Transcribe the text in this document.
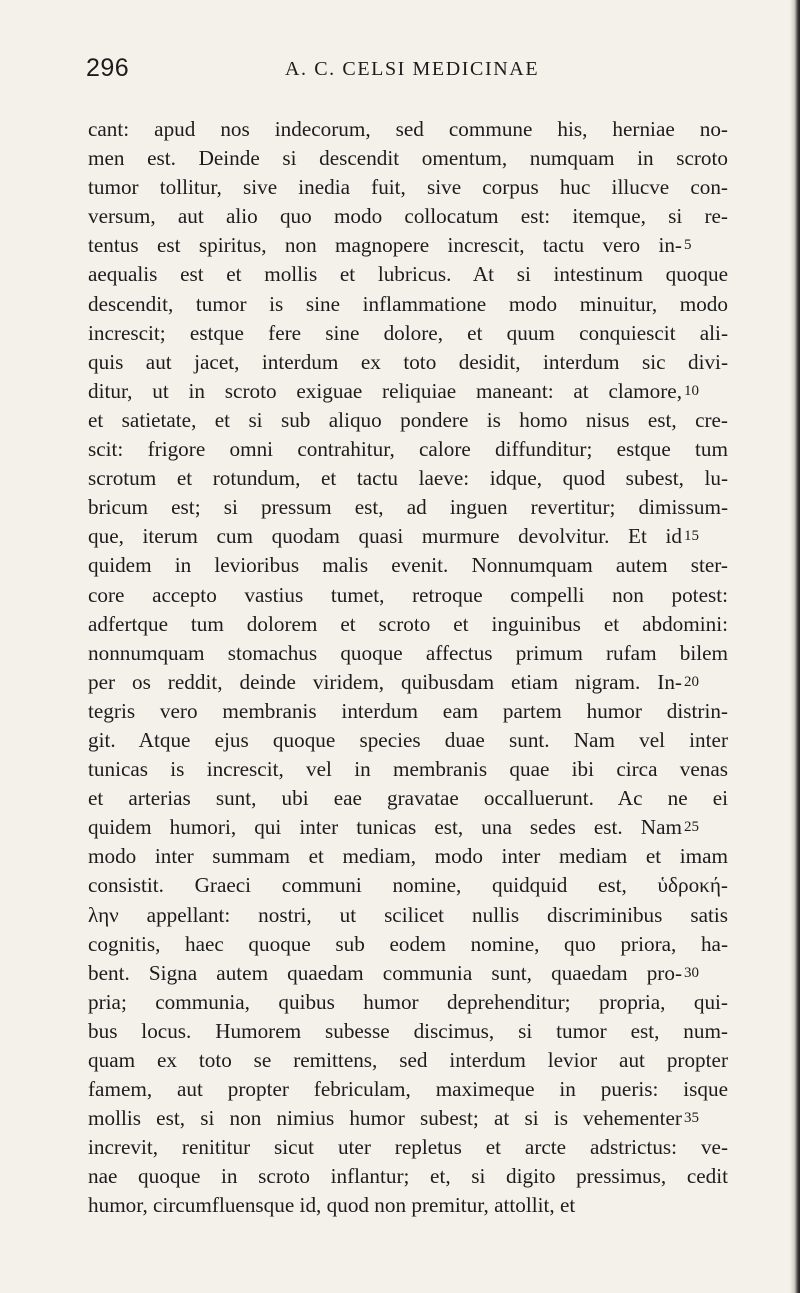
296	A. C. CELSI MEDICINAE
cant: apud nos indecorum, sed commune his, herniae no-
men est. Deinde si descendit omentum, numquam in scroto
tumor tollitur, sive inedia fuit, sive corpus huc illucve con-
versum, aut alio quo modo collocatum est: itemque, si re-
tentus est spiritus, non magnopere increscit, tactu vero in- 5
aequalis est et mollis et lubricus. At si intestinum quoque
descendit, tumor is sine inflammatione modo minuitur, modo
increscit; estque fere sine dolore, et quum conquiescit ali-
quis aut jacet, interdum ex toto desidit, interdum sic divi-
ditur, ut in scroto exiguae reliquiae maneant: at clamore, 10
et satietate, et si sub aliquo pondere is homo nisus est, cre-
scit: frigore omni contrahitur, calore diffunditur; estque tum
scrotum et rotundum, et tactu laeve: idque, quod subest, lu-
bricum est; si pressum est, ad inguen revertitur; dimissum-
que, iterum cum quodam quasi murmure devolvitur. Et id 15
quidem in levioribus malis evenit. Nonnumquam autem ster-
core accepto vastius tumet, retroque compelli non potest:
adfertque tum dolorem et scroto et inguinibus et abdomini:
nonnumquam stomachus quoque affectus primum rufam bilem
per os reddit, deinde viridem, quibusdam etiam nigram. In- 20
tegris vero membranis interdum eam partem humor distrin-
git. Atque ejus quoque species duae sunt. Nam vel inter
tunicas is increscit, vel in membranis quae ibi circa venas
et arterias sunt, ubi eae gravatae occalluerunt. Ac ne ei
quidem humori, qui inter tunicas est, una sedes est. Nam 25
modo inter summam et mediam, modo inter mediam et imam
consistit. Graeci communi nomine, quidquid est, ὑδροκή-
λην appellant: nostri, ut scilicet nullis discriminibus satis
cognitis, haec quoque sub eodem nomine, quo priora, ha-
bent. Signa autem quaedam communia sunt, quaedam pro- 30
pria; communia, quibus humor deprehenditur; propria, qui-
bus locus. Humorem subesse discimus, si tumor est, num-
quam ex toto se remittens, sed interdum levior aut propter
famem, aut propter febriculam, maximeque in pueris: isque
mollis est, si non nimius humor subest; at si is vehementer 35
increvit, renititur sicut uter repletus et arcte adstrictus: ve-
nae quoque in scroto inflantur; et, si digito pressimus, cedit
humor, circumfluensque id, quod non premitur, attollit, et
